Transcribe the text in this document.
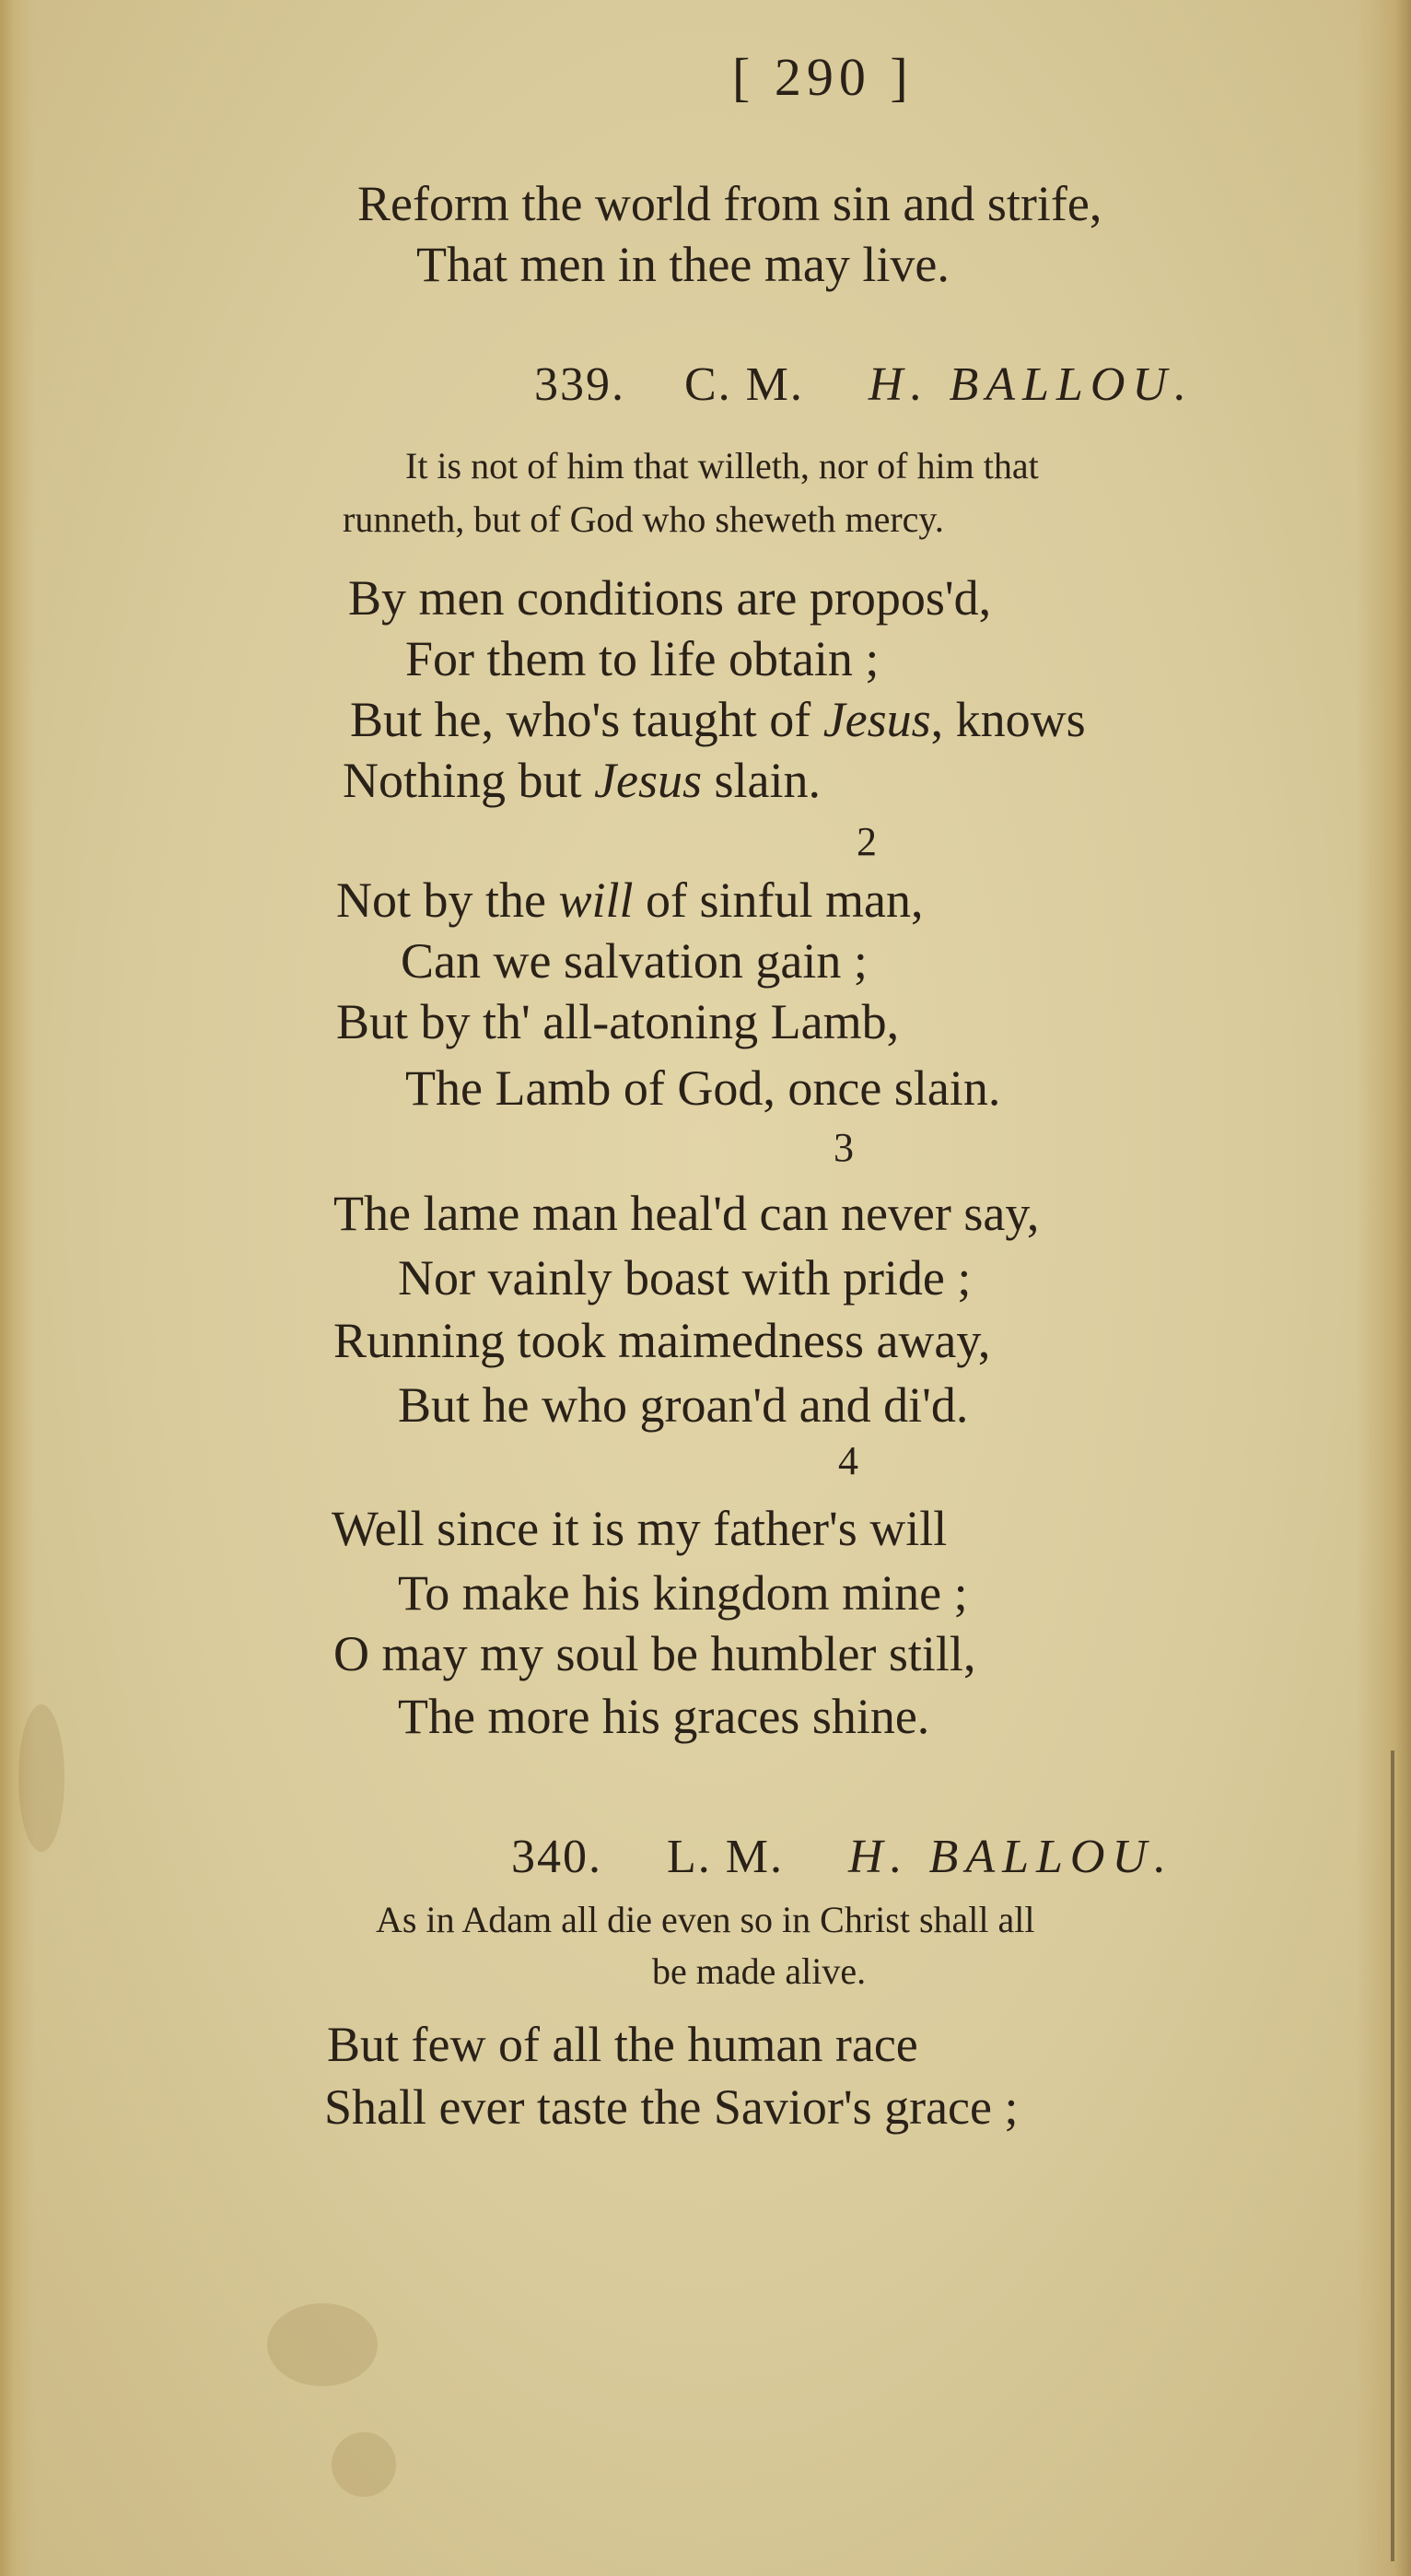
[ 290 ]
Reform the world from sin and strife,
That men in thee may live.
339. C. M. H. BALLOU.
It is not of him that willeth, nor of him that
runneth, but of God who sheweth mercy.
By men conditions are propos'd,
For them to life obtain ;
But he, who's taught of Jesus, knows
Nothing but Jesus slain.
2
Not by the will of sinful man,
Can we salvation gain ;
But by th' all-atoning Lamb,
The Lamb of God, once slain.
3
The lame man heal'd can never say,
Nor vainly boast with pride ;
Running took maimedness away,
But he who groan'd and di'd.
4
Well since it is my father's will
To make his kingdom mine ;
O may my soul be humbler still,
The more his graces shine.
340. L. M. H. BALLOU.
As in Adam all die even so in Christ shall all
be made alive.
But few of all the human race
Shall ever taste the Savior's grace ;
